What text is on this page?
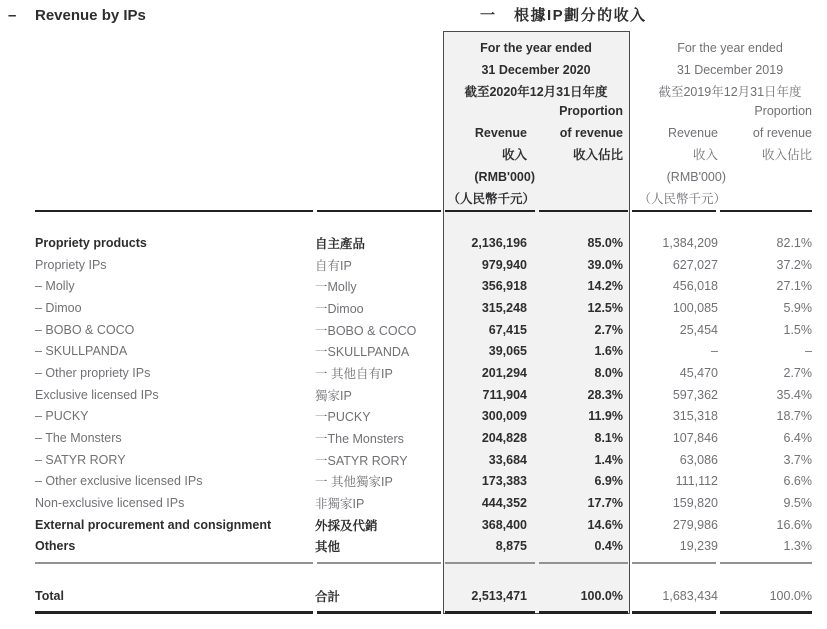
– Revenue by IPs	一 根據IP劃分的收入
For the year ended
31 December 2020
截至2020年12月31日年度
For the year ended
31 December 2019
截至2019年12月31日年度
Proportion
Revenue	of revenue
收入	收入佔比
(RMB'000)
（人民幣千元）
Proportion
Revenue	of revenue
收入	收入佔比
(RMB'000)
（人民幣千元）
Propriety products	自主產品	2,136,196	85.0%	1,384,209	82.1%
Propriety IPs	自有IP	979,940	39.0%	627,027	37.2%
– Molly	一Molly	356,918	14.2%	456,018	27.1%
– Dimoo	一Dimoo	315,248	12.5%	100,085	5.9%
– BOBO & COCO	一BOBO & COCO	67,415	2.7%	25,454	1.5%
– SKULLPANDA	一SKULLPANDA	39,065	1.6%	–	–
– Other propriety IPs	一 其他自有IP	201,294	8.0%	45,470	2.7%
Exclusive licensed IPs	獨家IP	711,904	28.3%	597,362	35.4%
– PUCKY	一PUCKY	300,009	11.9%	315,318	18.7%
– The Monsters	一The Monsters	204,828	8.1%	107,846	6.4%
– SATYR RORY	一SATYR RORY	33,684	1.4%	63,086	3.7%
– Other exclusive licensed IPs	一 其他獨家IP	173,383	6.9%	111,112	6.6%
Non-exclusive licensed IPs	非獨家IP	444,352	17.7%	159,820	9.5%
External procurement and consignment	外採及代銷	368,400	14.6%	279,986	16.6%
Others	其他	8,875	0.4%	19,239	1.3%
Total	合計	2,513,471	100.0%	1,683,434	100.0%
